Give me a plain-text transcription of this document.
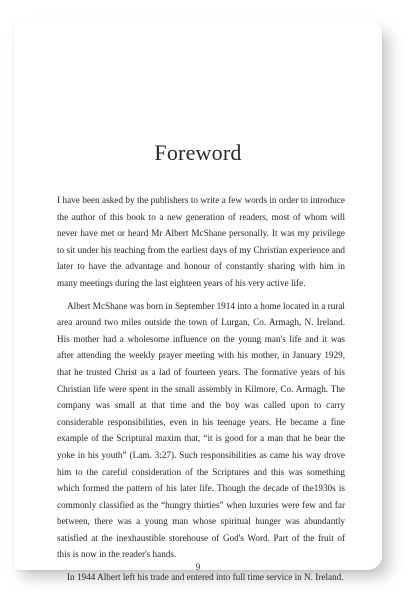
Foreword

I have been asked by the publishers to write a few words in order to introduce the author of this book to a new generation of readers, most of whom will never have met or heard Mr Albert McShane personally. It was my privilege to sit under his teaching from the earliest days of my Christian experience and later to have the advantage and honour of constantly sharing with him in many meetings during the last eighteen years of his very active life.

Albert McShane was born in September 1914 into a home located in a rural area around two miles outside the town of Lurgan, Co. Armagh, N. Ireland. His mother had a wholesome influence on the young man's life and it was after attending the weekly prayer meeting with his mother, in January 1929, that he trusted Christ as a lad of fourteen years. The formative years of his Christian life were spent in the small assembly in Kilmore, Co. Armagh. The company was small at that time and the boy was called upon to carry considerable responsibilities, even in his teenage years. He became a fine example of the Scriptural maxim that, “it is good for a man that he bear the yoke in his youth” (Lam. 3:27). Such responsibilities as came his way drove him to the careful consideration of the Scriptures and this was something which formed the pattern of his later life. Though the decade of the1930s is commonly classified as the “hungry thirties” when luxuries were few and far between, there was a young man whose spiritual hunger was abundantly satisfied at the inexhaustible storehouse of God's Word. Part of the fruit of this is now in the reader's hands.

In 1944 Albert left his trade and entered into full time service in N. Ireland.

9
